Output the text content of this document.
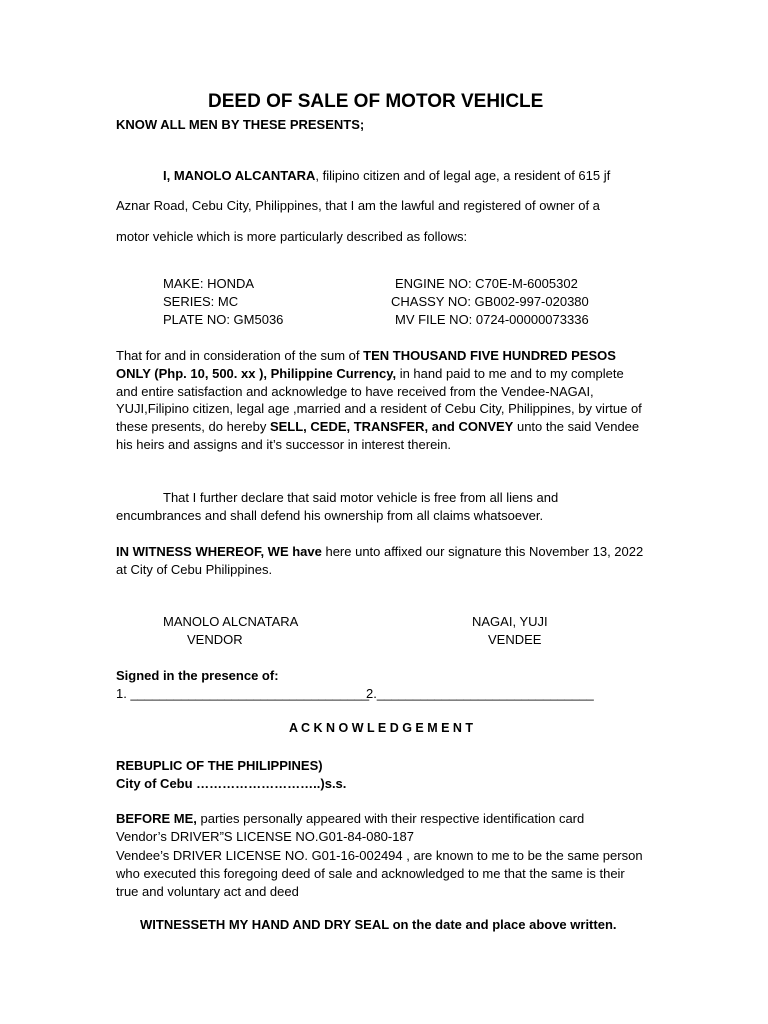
DEED OF SALE OF MOTOR VEHICLE
KNOW ALL MEN BY THESE PRESENTS;
I, MANOLO ALCANTARA, filipino citizen and of legal age, a resident of 615 jf
Aznar Road, Cebu City, Philippines, that I am the lawful and registered of owner of a
motor vehicle which is more particularly described as follows:
MAKE: HONDA
SERIES: MC
PLATE NO: GM5036
ENGINE NO: C70E-M-6005302
CHASSY NO: GB002-997-020380
MV FILE NO: 0724-00000073336
That for and in consideration of the sum of TEN THOUSAND FIVE HUNDRED PESOS ONLY (Php. 10, 500. xx ), Philippine Currency, in hand paid to me and to my complete and entire satisfaction and acknowledge to have received from the Vendee-NAGAI, YUJI,Filipino citizen, legal age ,married and a resident of Cebu City, Philippines, by virtue of these presents, do hereby SELL, CEDE, TRANSFER, and CONVEY unto the said Vendee his heirs and assigns and it’s successor in interest therein.
That I further declare that said motor vehicle is free from all liens and encumbrances and shall defend his ownership from all claims whatsoever.
IN WITNESS WHEREOF, WE have here unto affixed our signature this November 13, 2022 at City of Cebu Philippines.
MANOLO ALCNATARA
VENDOR
NAGAI, YUJI
VENDEE
Signed in the presence of:
1. _________________________________
2.______________________________
A C K N O W L E D G E M E N T
REBUPLIC OF THE PHILIPPINES)
City of Cebu ………………………..)s.s.
BEFORE ME, parties personally appeared with their respective identification card
Vendor’s DRIVER”S LICENSE NO.G01-84-080-187
Vendee’s DRIVER LICENSE NO. G01-16-002494 , are known to me to be the same person who executed this foregoing deed of sale and acknowledged to me that the same is their true and voluntary act and deed
WITNESSETH MY HAND AND DRY SEAL on the date and place above written.
